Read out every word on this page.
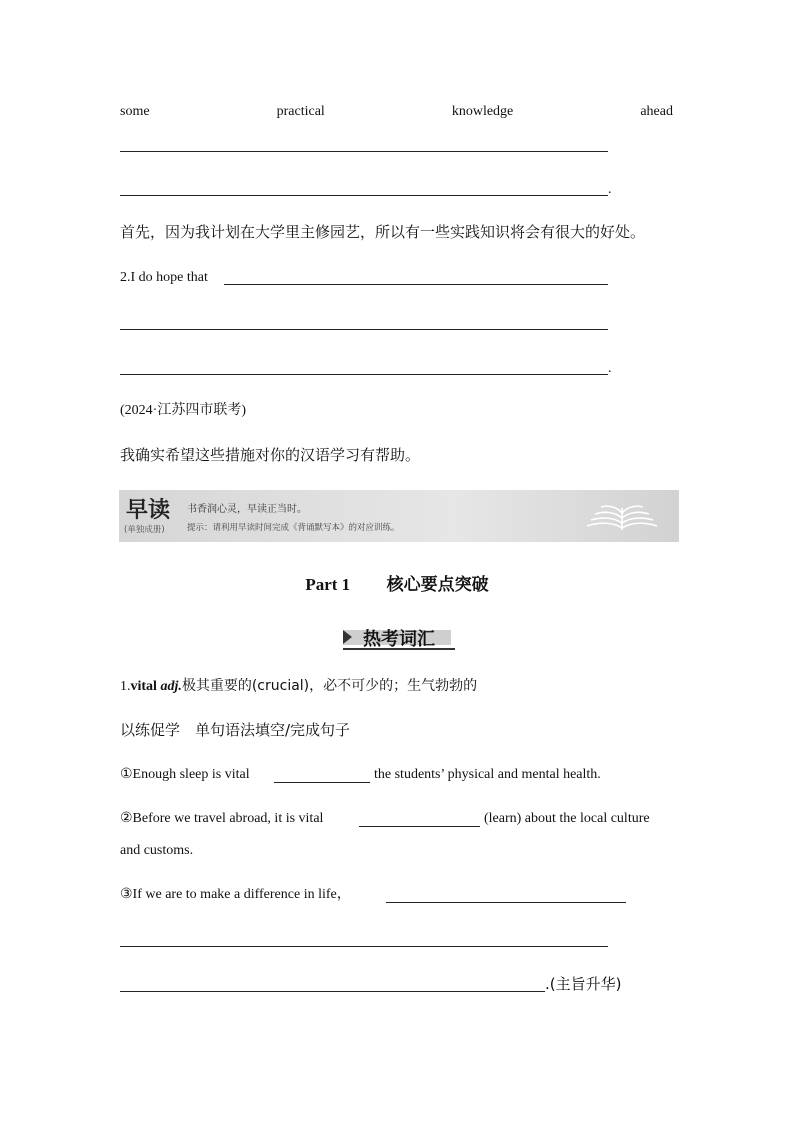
some	practical	knowledge	ahead
.
首先，因为我计划在大学里主修园艺，所以有一些实践知识将会有很大的好处。
2.I do hope that
.
(2024·江苏四市联考)
我确实希望这些措施对你的汉语学习有帮助。
早读
(单独成册)
书香润心灵，早读正当时。
提示：请利用早读时间完成《背诵默写本》的对应训练。
Part 1 核心要点突破
热考词汇
1.vital adj.极其重要的(crucial)，必不可少的；生气勃勃的
以练促学　单句语法填空/完成句子
①Enough sleep is vital	the students’ physical and mental health.
②Before we travel abroad, it is vital	(learn) about the local culture
and customs.
③If we are to make a difference in life，
.(主旨升华)
